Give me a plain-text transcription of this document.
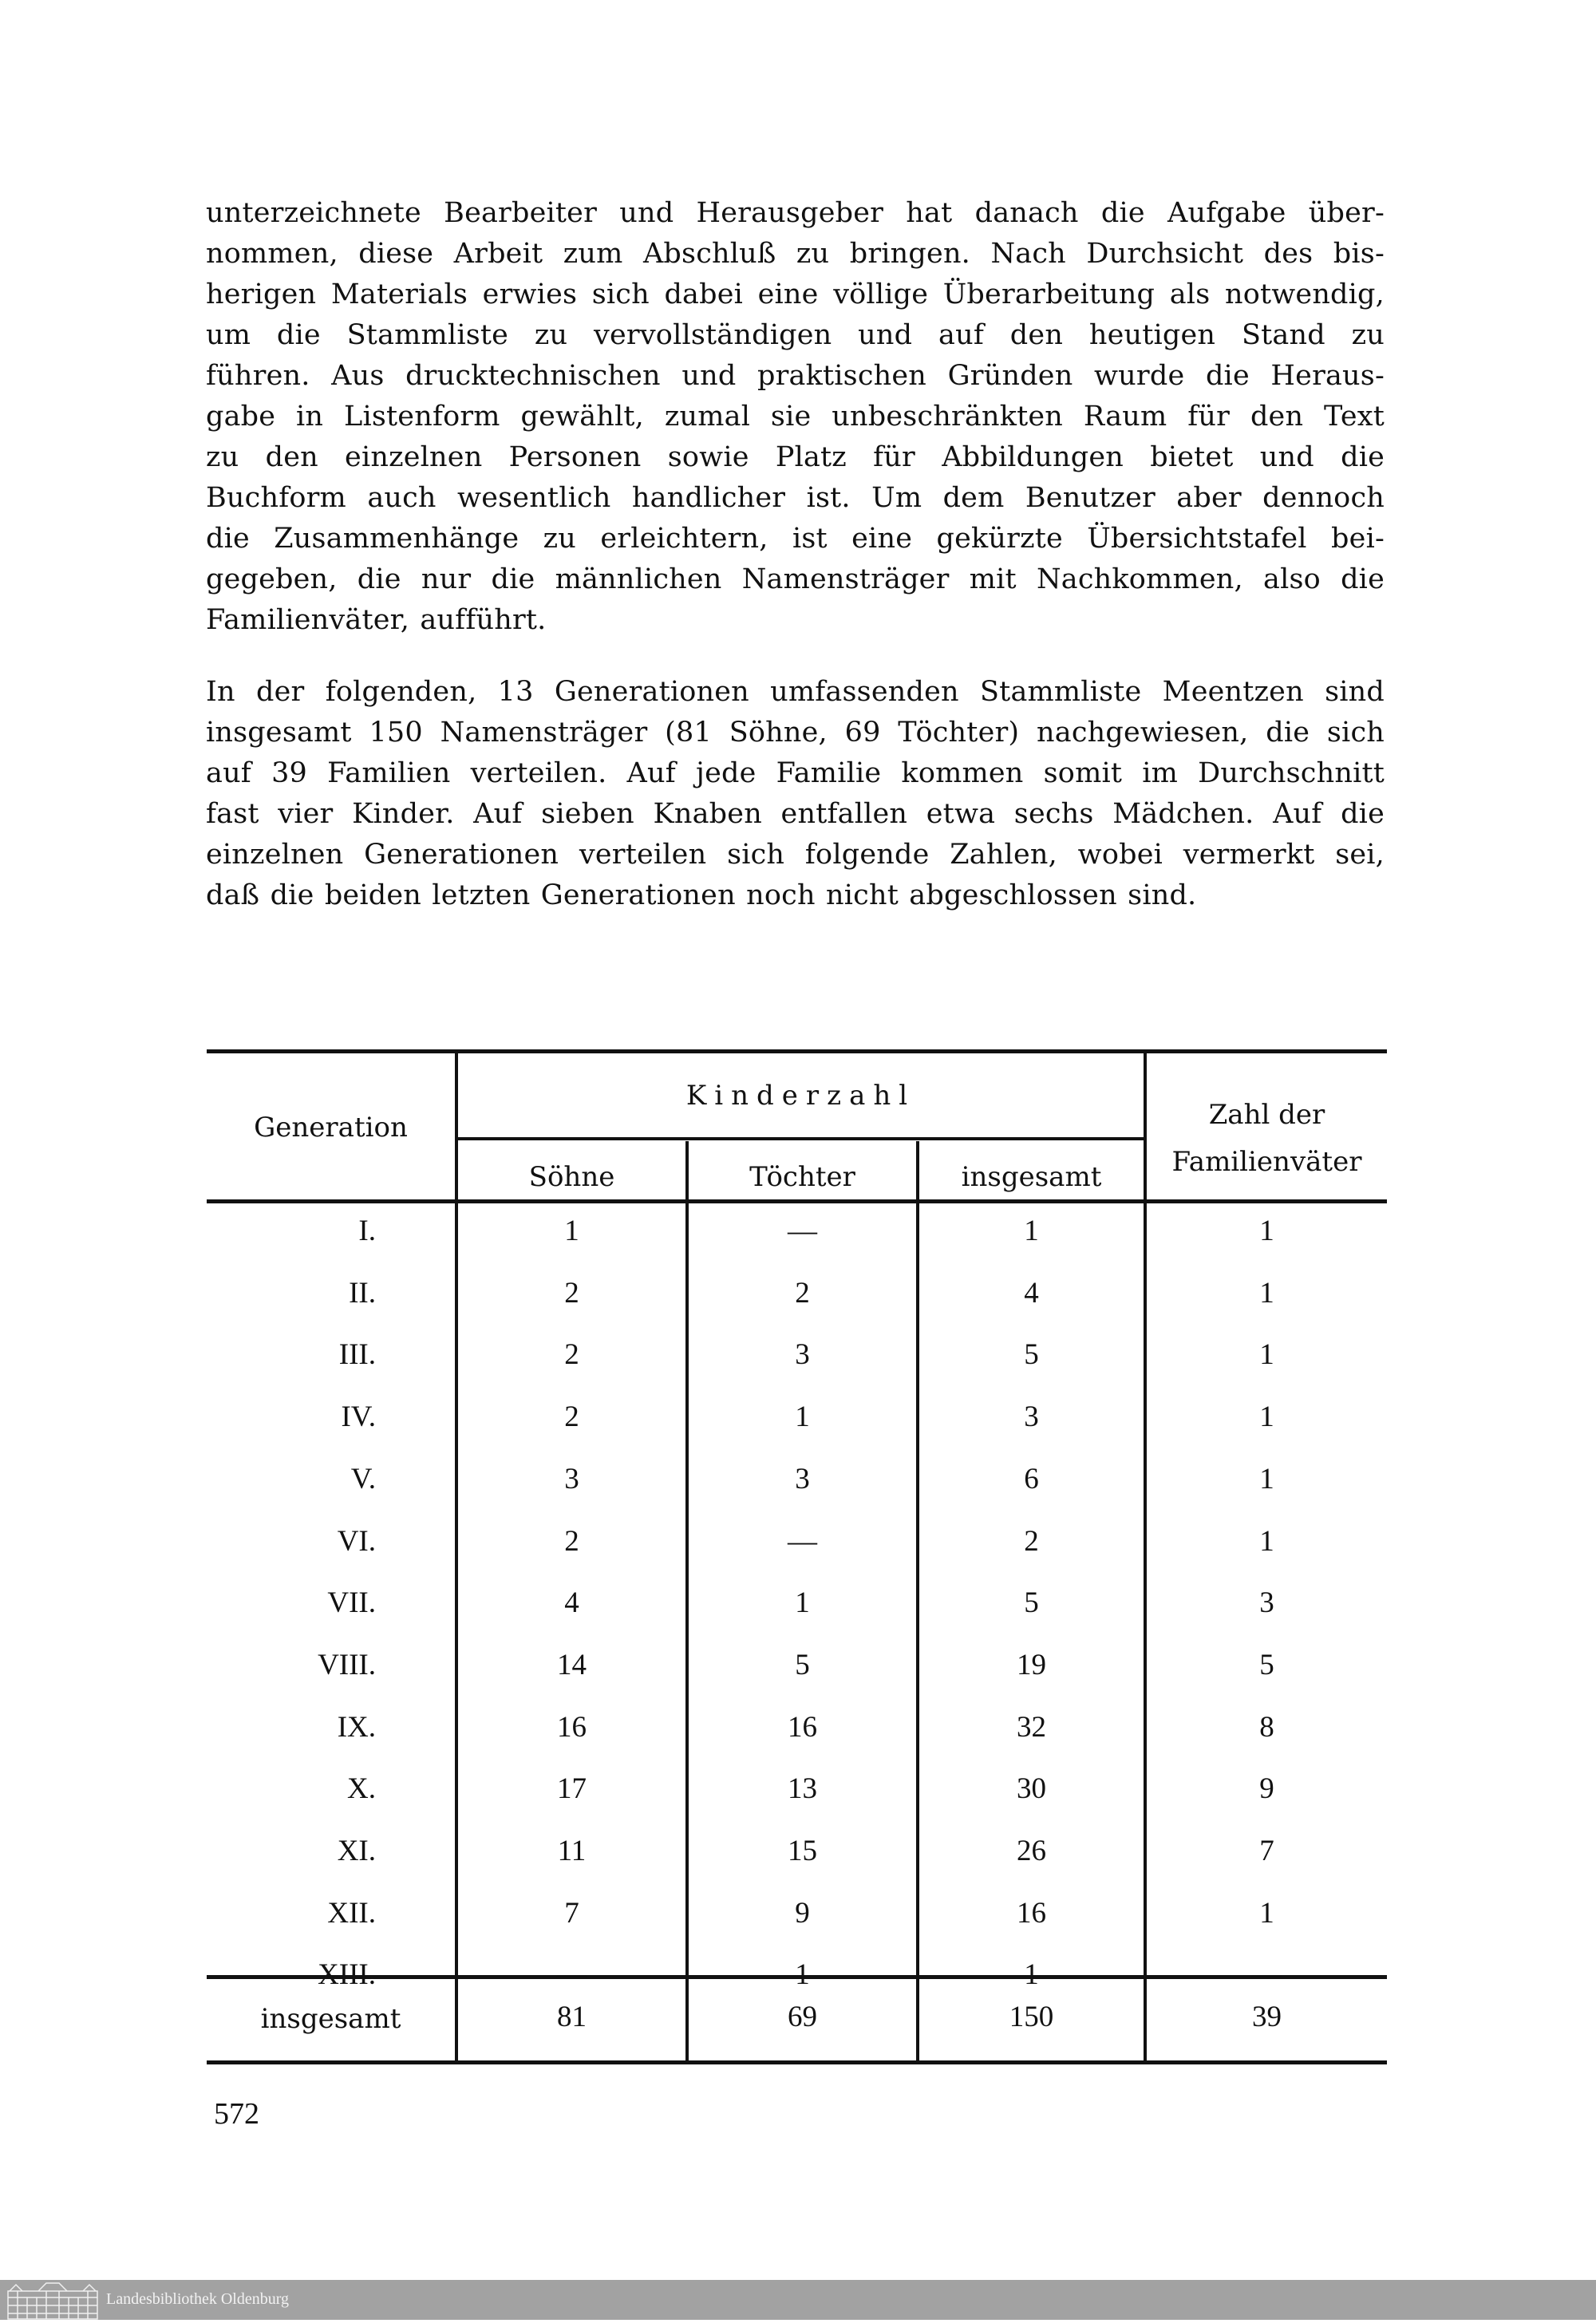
unterzeichnete Bearbeiter und Herausgeber hat danach die Aufgabe über-
nommen, diese Arbeit zum Abschluß zu bringen. Nach Durchsicht des bis-
herigen Materials erwies sich dabei eine völlige Überarbeitung als notwendig,
um die Stammliste zu vervollständigen und auf den heutigen Stand zu
führen. Aus drucktechnischen und praktischen Gründen wurde die Heraus-
gabe in Listenform gewählt, zumal sie unbeschränkten Raum für den Text
zu den einzelnen Personen sowie Platz für Abbildungen bietet und die
Buchform auch wesentlich handlicher ist. Um dem Benutzer aber dennoch
die Zusammenhänge zu erleichtern, ist eine gekürzte Übersichtstafel bei-
gegeben, die nur die männlichen Namensträger mit Nachkommen, also die
Familienväter, aufführt.
In der folgenden, 13 Generationen umfassenden Stammliste Meentzen sind
insgesamt 150 Namensträger (81 Söhne, 69 Töchter) nachgewiesen, die sich
auf 39 Familien verteilen. Auf jede Familie kommen somit im Durchschnitt
fast vier Kinder. Auf sieben Knaben entfallen etwa sechs Mädchen. Auf die
einzelnen Generationen verteilen sich folgende Zahlen, wobei vermerkt sei,
daß die beiden letzten Generationen noch nicht abgeschlossen sind.
Generation
Kinderzahl
Söhne	Töchter	insgesamt
Zahl der
Familienväter
I.	1	—	1	1
II.	2	2	4	1
III.	2	3	5	1
IV.	2	1	3	1
V.	3	3	6	1
VI.	2	—	2	1
VII.	4	1	5	3
VIII.	14	5	19	5
IX.	16	16	32	8
X.	17	13	30	9
XI.	11	15	26	7
XII.	7	9	16	1
XIII.	—	1	1	—
insgesamt	81	69	150	39
572
Landesbibliothek Oldenburg
